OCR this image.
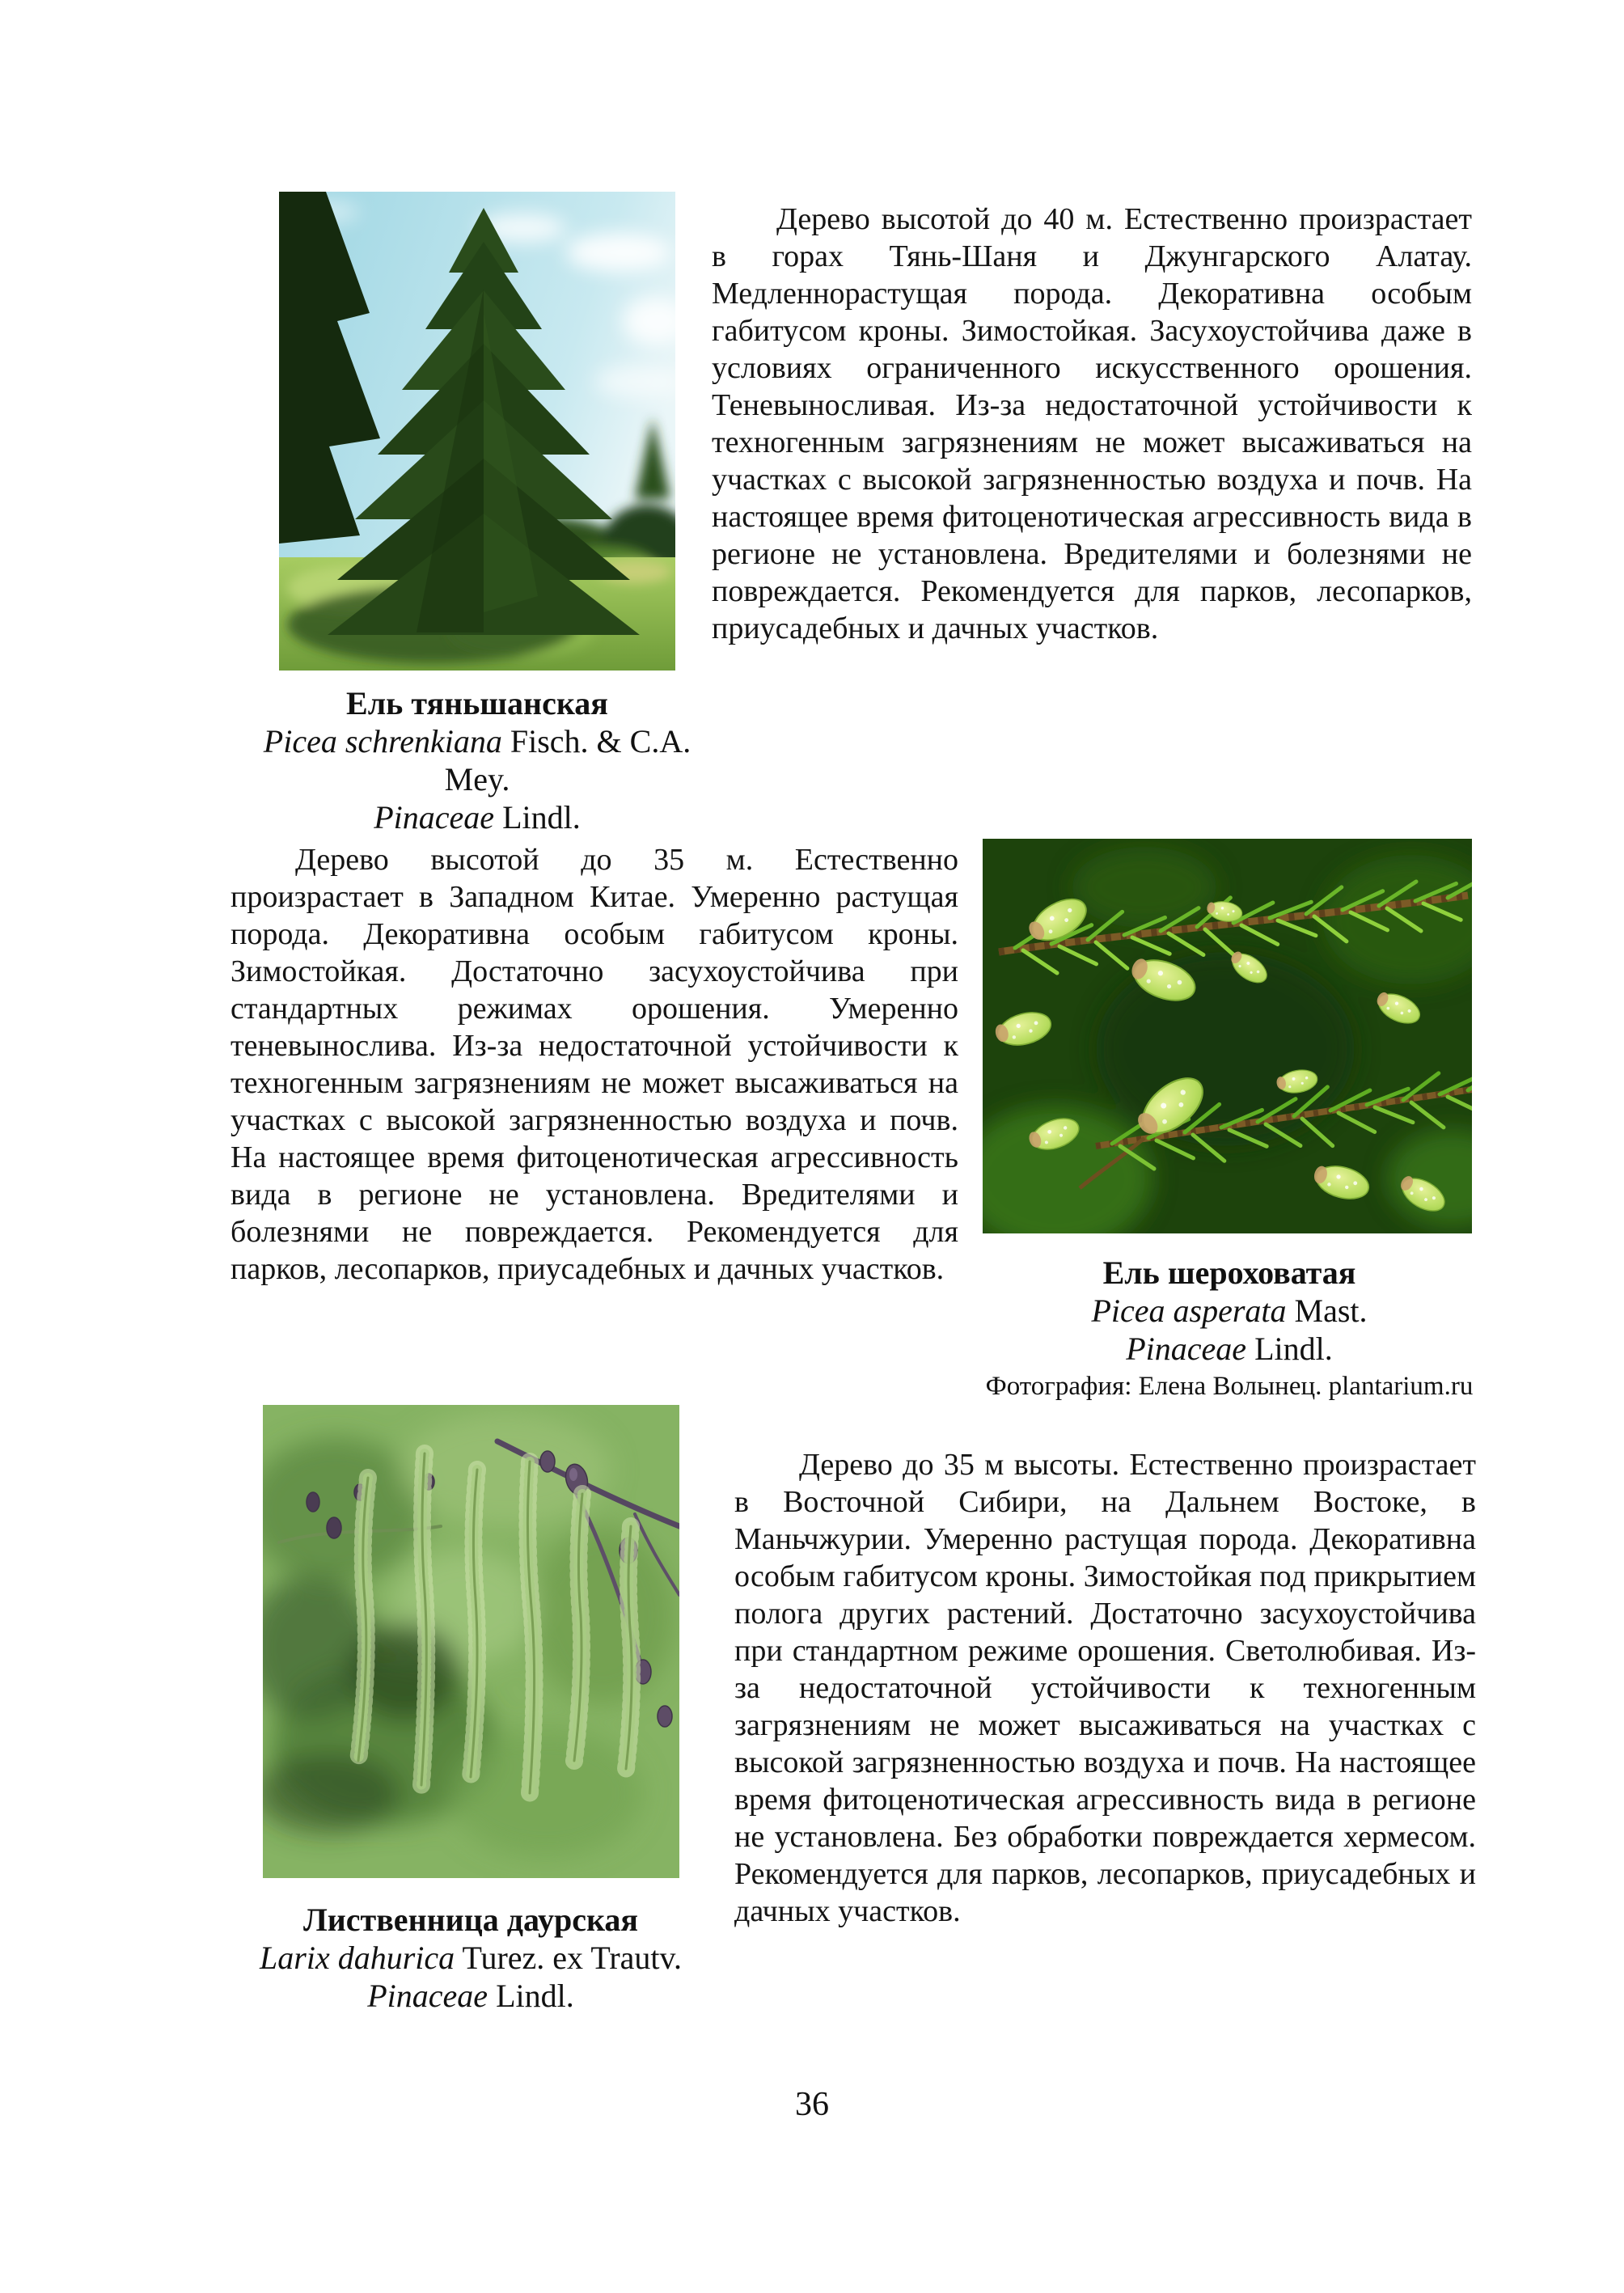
Ель тяньшанская
Picea schrenkiana Fisch. & C.A. Mey.
Pinaceae Lindl.
Дерево высотой до 40 м. Естественно произрастает в горах Тянь-Шаня и Джунгарского Алатау. Медленнорастущая порода. Декоративна особым габитусом кроны. Зимостойкая. Засухоустойчива даже в условиях ограниченного искусственного орошения. Теневыносливая. Из-за недостаточной устойчивости к техногенным загрязнениям не может высаживаться на участках с высокой загрязненностью воздуха и почв. На настоящее время фитоценотическая агрессивность вида в регионе не установлена. Вредителями и болезнями не повреждается. Рекомендуется для парков, лесопарков, приусадебных и дачных участков.
Дерево высотой до 35 м. Естественно произрастает в Западном Китае. Умеренно растущая порода. Декоративна особым габитусом кроны. Зимостойкая. Достаточно засухоустойчива при стандартных режимах орошения. Умеренно теневынослива. Из-за недостаточной устойчивости к техногенным загрязнениям не может высаживаться на участках с высокой загрязненностью воздуха и почв. На настоящее время фитоценотическая агрессивность вида в регионе не установлена. Вредителями и болезнями не повреждается. Рекомендуется для парков, лесопарков, приусадебных и дачных участков.	Ель шероховатая
Picea asperata Mast.
Pinaceae Lindl.
Фотография: Елена Волынец. plantarium.ru
Лиственница даурская
Larix dahurica Turez. ex Trautv.
Pinaceae Lindl.
Дерево до 35 м высоты. Естественно произрастает в Восточной Сибири, на Дальнем Востоке, в Маньчжурии. Умеренно растущая порода. Декоративна особым габитусом кроны. Зимостойкая под прикрытием полога других растений. Достаточно засухоустойчива при стандартном режиме орошения. Светолюбивая. Из-за недостаточной устойчивости к техногенным загрязнениям не может высаживаться на участках с высокой загрязненностью воздуха и почв. На настоящее время фитоценотическая агрессивность вида в регионе не установлена. Без обработки повреждается хермесом. Рекомендуется для парков, лесопарков, приусадебных и дачных участков.
36
